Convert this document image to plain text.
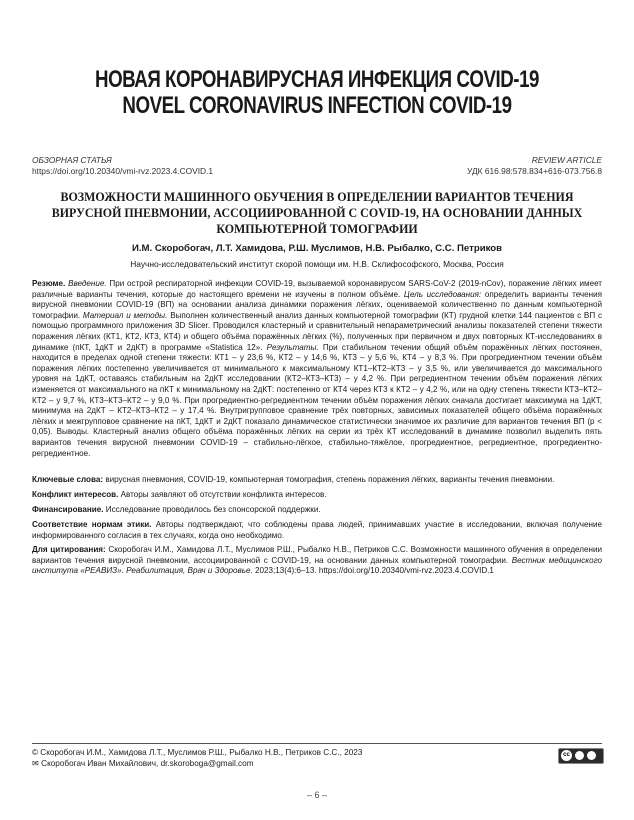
НОВАЯ КОРОНАВИРУСНАЯ ИНФЕКЦИЯ COVID-19
NOVEL CORONAVIRUS INFECTION COVID-19
ОБЗОРНАЯ СТАТЬЯ
https://doi.org/10.20340/vmi-rvz.2023.4.COVID.1
REVIEW ARTICLE
УДК 616.98:578.834+616-073.756.8
ВОЗМОЖНОСТИ МАШИННОГО ОБУЧЕНИЯ В ОПРЕДЕЛЕНИИ ВАРИАНТОВ ТЕЧЕНИЯ ВИРУСНОЙ ПНЕВМОНИИ, АССОЦИИРОВАННОЙ С COVID-19, НА ОСНОВАНИИ ДАННЫХ КОМПЬЮТЕРНОЙ ТОМОГРАФИИ
И.М. Скоробогач, Л.Т. Хамидова, Р.Ш. Муслимов, Н.В. Рыбалко, С.С. Петриков
Научно-исследовательский институт скорой помощи им. Н.В. Склифософского, Москва, Россия
Резюме. Введение. При острой респираторной инфекции COVID-19, вызываемой коронавирусом SARS-CoV-2 (2019-nCov), поражение лёгких имеет различные варианты течения, которые до настоящего времени не изучены в полном объёме. Цель исследования: определить варианты течения вирусной пневмонии COVID-19 (ВП) на основании анализа динамики поражения лёгких, оцениваемой количественно по данным компьютерной томографии. Материал и методы. Выполнен количественный анализ данных компьютерной томографии (КТ) грудной клетки 144 пациентов с ВП с помощью программного приложения 3D Slicer. Проводился кластерный и сравнительный непараметрический анализы показателей степени тяжести поражения лёгких (КТ1, КТ2, КТ3, КТ4) и общего объёма поражённых лёгких (%), полученных при первичном и двух повторных КТ-исследованиях в динамике (пКТ, 1дКТ и 2дКТ) в программе «Statistica 12». Результаты. При стабильном течении общий объём поражённых лёгких постоянен, находится в пределах одной степени тяжести: КТ1 – у 23,6 %, КТ2 – у 14,6 %, КТ3 – у 5,6 %, КТ4 – у 8,3 %. При прогредиентном течении объём поражения лёгких постепенно увеличивается от минимального к максимальному КТ1–КТ2–КТ3 – у 3,5 %, или увеличивается до максимального уровня на 1дКТ, оставаясь стабильным на 2дКТ исследовании (КТ2–КТ3–КТ3) – у 4,2 %. При регредиентном течении объём поражения лёгких изменяется от максимального на пКТ к минимальному на 2дКТ: постепенно от КТ4 через КТ3 к КТ2 – у 4,2 %, или на одну степень тяжести КТ3–КТ2–КТ2 – у 9,7 %, КТ3–КТ3–КТ2 – у 9,0 %. При прогредиентно-регредиентном течении объём поражения лёгких сначала достигает максимума на 1дКТ, минимума на 2дКТ – КТ2–КТ3–КТ2 – у 17,4 %. Внутригрупповое сравнение трёх повторных, зависимых показателей общего объёма поражённых лёгких и межгрупповое сравнение на пКТ, 1дКТ и 2дКТ показало динамическое статистически значимое их различие для вариантов течения ВП (p < 0,05). Выводы. Кластерный анализ общего объёма поражённых лёгких на серии из трёх КТ исследований в динамике позволил выделить пять вариантов течения вирусной пневмонии COVID-19 – стабильно-лёгкое, стабильно-тяжёлое, прогредиентное, регредиентное, прогредиентно-регредиентное.
Ключевые слова: вирусная пневмония, COVID-19, компьютерная томография, степень поражения лёгких, варианты течения пневмонии.
Конфликт интересов. Авторы заявляют об отсутствии конфликта интересов.
Финансирование. Исследование проводилось без спонсорской поддержки.
Соответствие нормам этики. Авторы подтверждают, что соблюдены права людей, принимавших участие в исследовании, включая получение информированного согласия в тех случаях, когда оно необходимо.
Для цитирования: Скоробогач И.М., Хамидова Л.Т., Муслимов Р.Ш., Рыбалко Н.В., Петриков С.С. Возможности машинного обучения в определении вариантов течения вирусной пневмонии, ассоциированной с COVID-19, на основании данных компьютерной томографии. Вестник медицинского института «РЕАВИЗ». Реабилитация, Врач и Здоровье. 2023;13(4):6–13. https://doi.org/10.20340/vmi-rvz.2023.4.COVID.1
© Скоробогач И.М., Хамидова Л.Т., Муслимов Р.Ш., Рыбалко Н.В., Петриков С.С., 2023
✉ Скоробогач Иван Михайлович, dr.skoroboga@gmail.com
cc
– 6 –
